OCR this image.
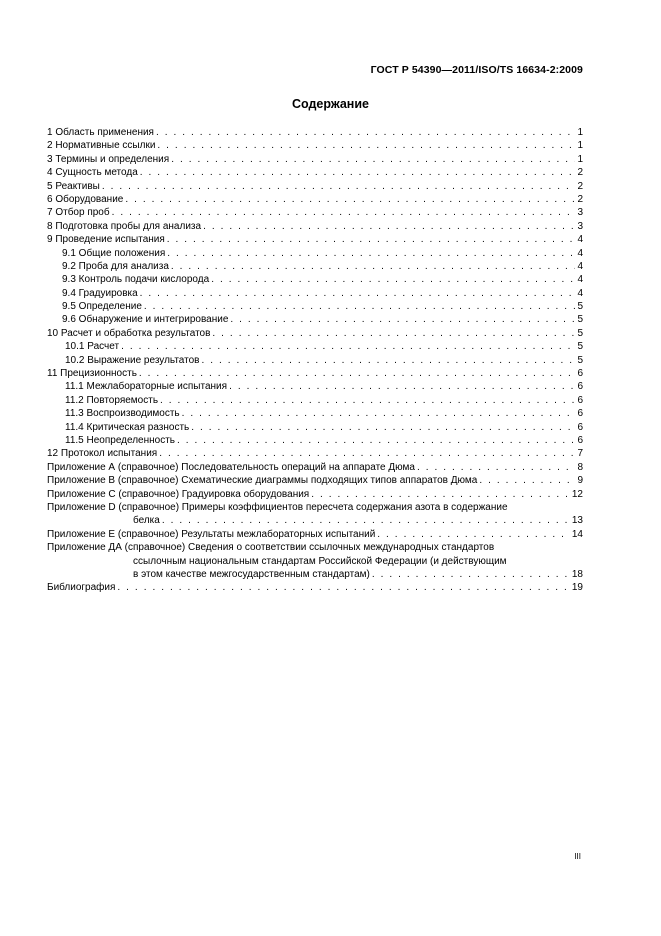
ГОСТ Р 54390—2011/ISO/TS 16634-2:2009
Содержание
1 Область применения . . .	1
2 Нормативные ссылки . . .	1
3 Термины и определения . . .	1
4 Сущность метода . . .	2
5 Реактивы . . .	2
6 Оборудование . . .	2
7 Отбор проб . . .	3
8 Подготовка пробы для анализа . . .	3
9 Проведение испытания . . .	4
9.1 Общие положения . . .	4
9.2 Проба для анализа . . .	4
9.3 Контроль подачи кислорода . . .	4
9.4 Градуировка . . .	4
9.5 Определение . . .	5
9.6 Обнаружение и интегрирование . . .	5
10 Расчет и обработка результатов . . .	5
10.1 Расчет . . .	5
10.2 Выражение результатов . . .	5
11 Прецизионность . . .	6
11.1 Межлабораторные испытания . . .	6
11.2 Повторяемость . . .	6
11.3 Воспроизводимость . . .	6
11.4 Критическая разность . . .	6
11.5 Неопределенность . . .	6
12 Протокол испытания . . .	7
Приложение А (справочное) Последовательность операций на аппарате Дюма . . .	8
Приложение В (справочное) Схематические диаграммы подходящих типов аппаратов Дюма . . .	9
Приложение С (справочное) Градуировка оборудования . . .	12
Приложение D (справочное) Примеры коэффициентов пересчета содержания азота в содержание
белка . . .	13
Приложение Е (справочное) Результаты межлабораторных испытаний . . .	14
Приложение ДА (справочное) Сведения о соответствии ссылочных международных стандартов
ссылочным национальным стандартам Российской Федерации (и действующим
в этом качестве межгосударственным стандартам) . . .	18
Библиография . . .	19
III
